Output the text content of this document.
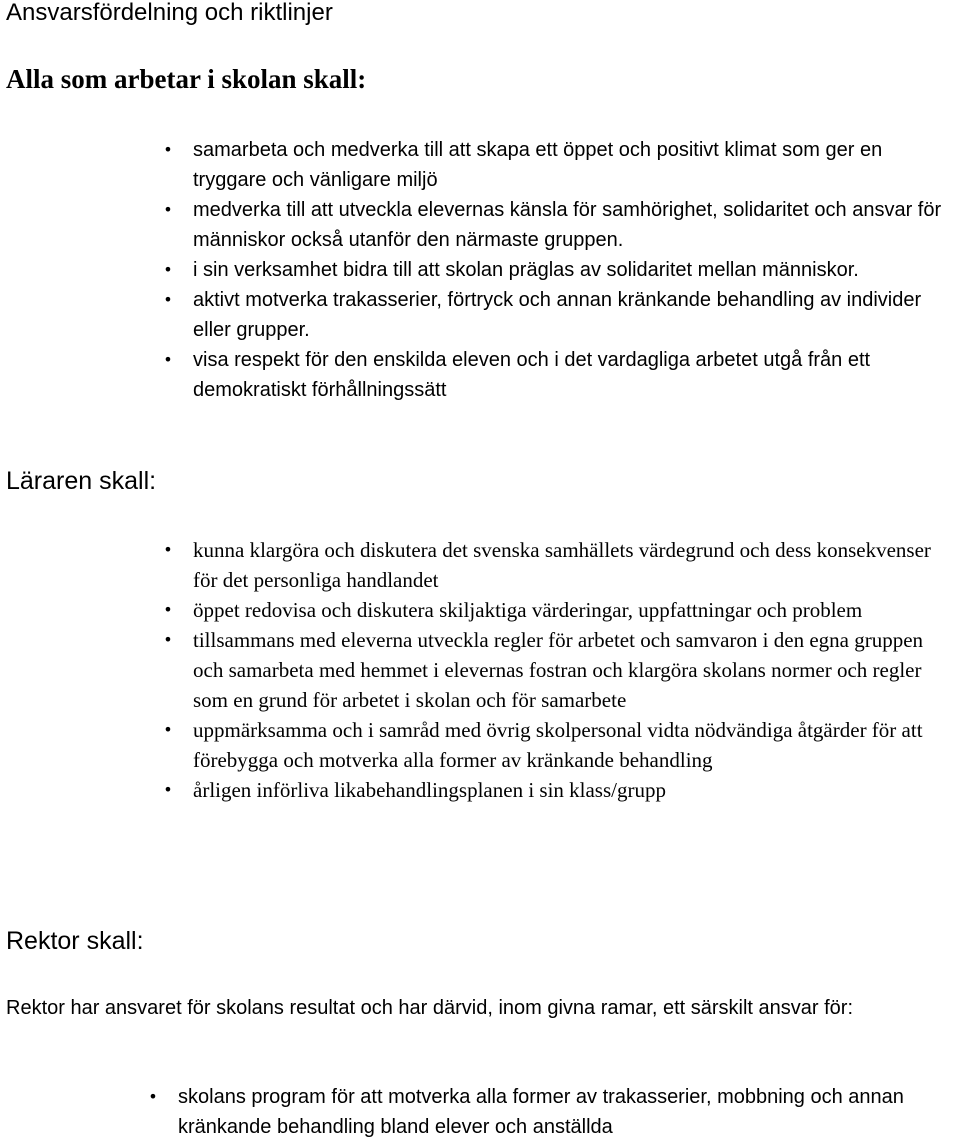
Ansvarsfördelning och riktlinjer
Alla som arbetar i skolan skall:
• samarbeta och medverka till att skapa ett öppet och positivt klimat som ger en tryggare och vänligare miljö
• medverka till att utveckla elevernas känsla för samhörighet, solidaritet och ansvar för människor också utanför den närmaste gruppen.
• i sin verksamhet bidra till att skolan präglas av solidaritet mellan människor.
• aktivt motverka trakasserier, förtryck och annan kränkande behandling av individer eller grupper.
• visa respekt för den enskilda eleven och i det vardagliga arbetet utgå från ett demokratiskt förhållningssätt
Läraren skall:
• kunna klargöra och diskutera det svenska samhällets värdegrund och dess konsekvenser för det personliga handlandet
• öppet redovisa och diskutera skiljaktiga värderingar, uppfattningar och problem
• tillsammans med eleverna utveckla regler för arbetet och samvaron i den egna gruppen och samarbeta med hemmet i elevernas fostran och klargöra skolans normer och regler som en grund för arbetet i skolan och för samarbete
• uppmärksamma och i samråd med övrig skolpersonal vidta nödvändiga åtgärder för att förebygga och motverka alla former av kränkande behandling
• årligen införliva likabehandlingsplanen i sin klass/grupp
Rektor skall:
Rektor har ansvaret för skolans resultat och har därvid, inom givna ramar, ett särskilt ansvar för:
• skolans program för att motverka alla former av trakasserier, mobbning och annan kränkande behandling bland elever och anställda
